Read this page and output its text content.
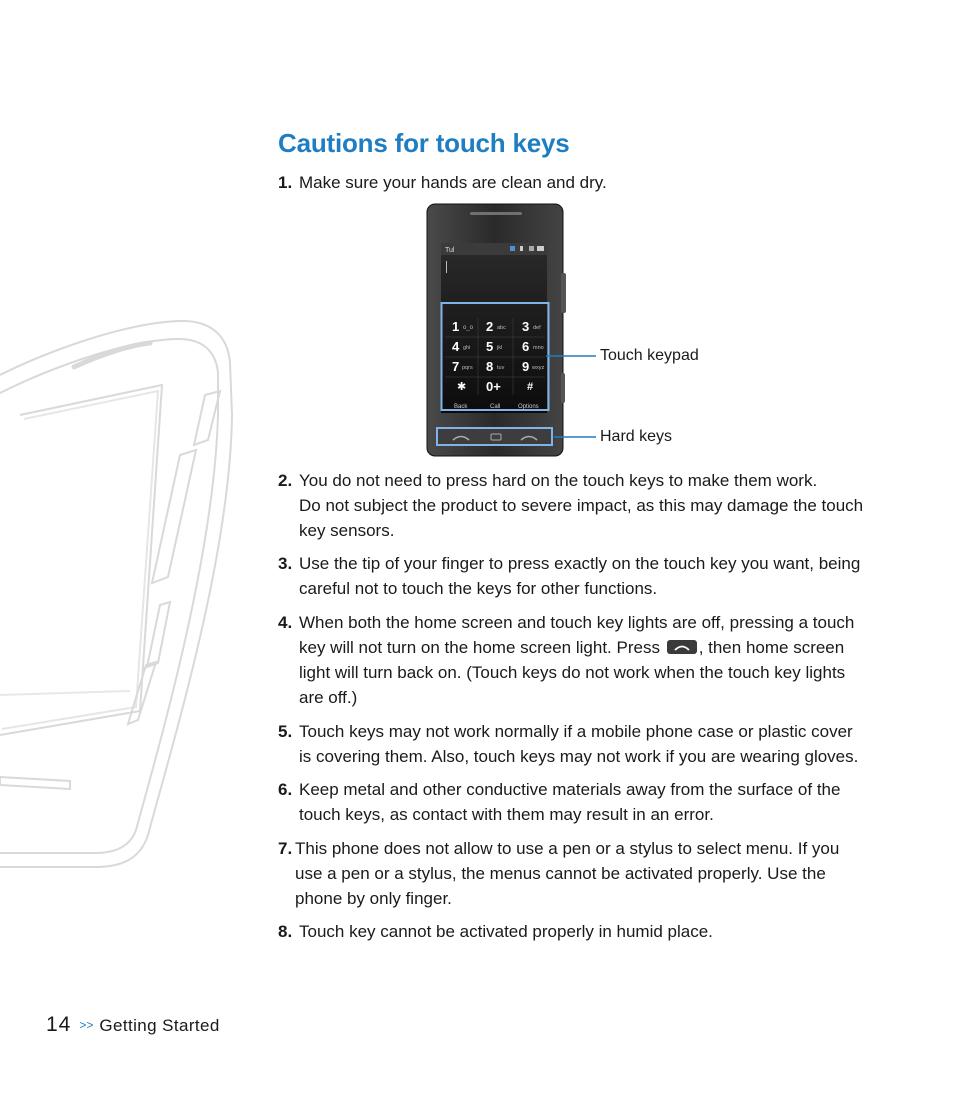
Cautions for touch keys
1. Make sure your hands are clean and dry.
Tul
1 o_o 2 abc 3 def
4 ghi 5 jkl 6 mno
7 pqrs 8 tuv 9 wxyz
✱ 0+ #
Back	Call	Options
Touch keypad
Hard keys
2. You do not need to press hard on the touch keys to make them work.
Do not subject the product to severe impact, as this may damage the touch key sensors.
3. Use the tip of your finger to press exactly on the touch key you want, being careful not to touch the keys for other functions.
4. When both the home screen and touch key lights are off, pressing a touch key will not turn on the home screen light. Press , then home screen light will turn back on. (Touch keys do not work when the touch key lights are off.)
5. Touch keys may not work normally if a mobile phone case or plastic cover is covering them. Also, touch keys may not work if you are wearing gloves.
6. Keep metal and other conductive materials away from the surface of the touch keys, as contact with them may result in an error.
7. This phone does not allow to use a pen or a stylus to select menu. If you use a pen or a stylus, the menus cannot be activated properly. Use the phone by only finger.
8. Touch key cannot be activated properly in humid place.
14 >> Getting Started
